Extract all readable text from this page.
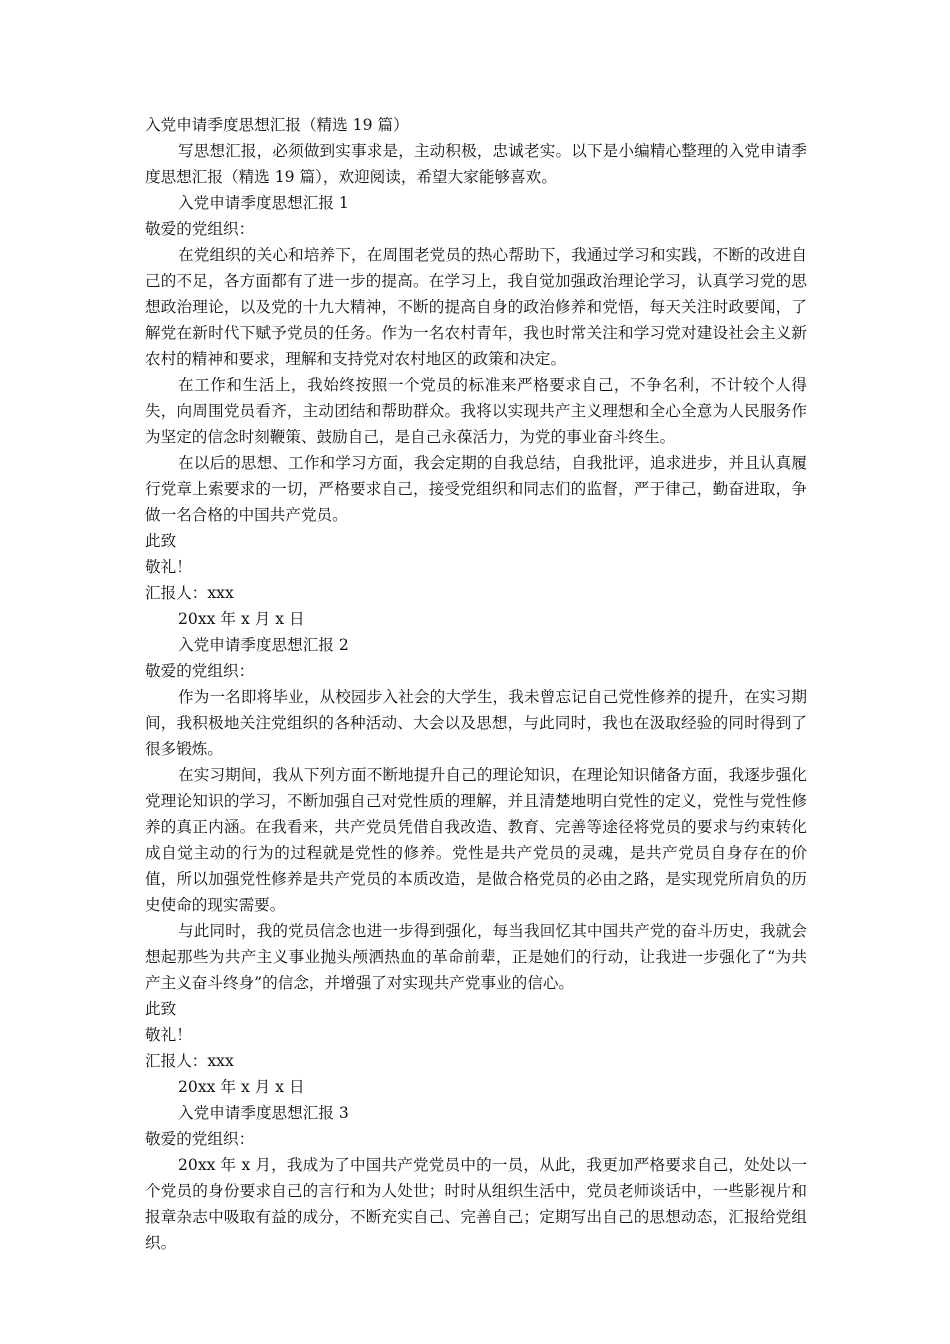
入党申请季度思想汇报（精选 19 篇）

写思想汇报，必须做到实事求是，主动积极，忠诚老实。以下是小编精心整理的入党申请季度思想汇报（精选 19 篇），欢迎阅读，希望大家能够喜欢。

入党申请季度思想汇报 1

敬爱的党组织：

在党组织的关心和培养下，在周围老党员的热心帮助下，我通过学习和实践，不断的改进自己的不足，各方面都有了进一步的提高。在学习上，我自觉加强政治理论学习，认真学习党的思想政治理论，以及党的十九大精神，不断的提高自身的政治修养和党悟，每天关注时政要闻，了解党在新时代下赋予党员的任务。作为一名农村青年，我也时常关注和学习党对建设社会主义新农村的精神和要求，理解和支持党对农村地区的政策和决定。

在工作和生活上，我始终按照一个党员的标准来严格要求自己，不争名利，不计较个人得失，向周围党员看齐，主动团结和帮助群众。我将以实现共产主义理想和全心全意为人民服务作为坚定的信念时刻鞭策、鼓励自己，是自己永葆活力，为党的事业奋斗终生。

在以后的思想、工作和学习方面，我会定期的自我总结，自我批评，追求进步，并且认真履行党章上索要求的一切，严格要求自己，接受党组织和同志们的监督，严于律己，勤奋进取，争做一名合格的中国共产党员。

此致

敬礼！

汇报人：xxx

20xx 年 x 月 x 日

入党申请季度思想汇报 2

敬爱的党组织：

作为一名即将毕业，从校园步入社会的大学生，我未曾忘记自己党性修养的提升，在实习期间，我积极地关注党组织的各种活动、大会以及思想，与此同时，我也在汲取经验的同时得到了很多锻炼。

在实习期间，我从下列方面不断地提升自己的理论知识，在理论知识储备方面，我逐步强化党理论知识的学习，不断加强自己对党性质的理解，并且清楚地明白党性的定义，党性与党性修养的真正内涵。在我看来，共产党员凭借自我改造、教育、完善等途径将党员的要求与约束转化成自觉主动的行为的过程就是党性的修养。党性是共产党员的灵魂，是共产党员自身存在的价值，所以加强党性修养是共产党员的本质改造，是做合格党员的必由之路，是实现党所肩负的历史使命的现实需要。

与此同时，我的党员信念也进一步得到强化，每当我回忆其中国共产党的奋斗历史，我就会想起那些为共产主义事业抛头颅洒热血的革命前辈，正是她们的行动，让我进一步强化了“为共产主义奋斗终身”的信念，并增强了对实现共产党事业的信心。

此致

敬礼！

汇报人：xxx

20xx 年 x 月 x 日

入党申请季度思想汇报 3

敬爱的党组织：

20xx 年 x 月，我成为了中国共产党党员中的一员，从此，我更加严格要求自己，处处以一个党员的身份要求自己的言行和为人处世；时时从组织生活中，党员老师谈话中，一些影视片和报章杂志中吸取有益的成分，不断充实自己、完善自己；定期写出自己的思想动态，汇报给党组织。
